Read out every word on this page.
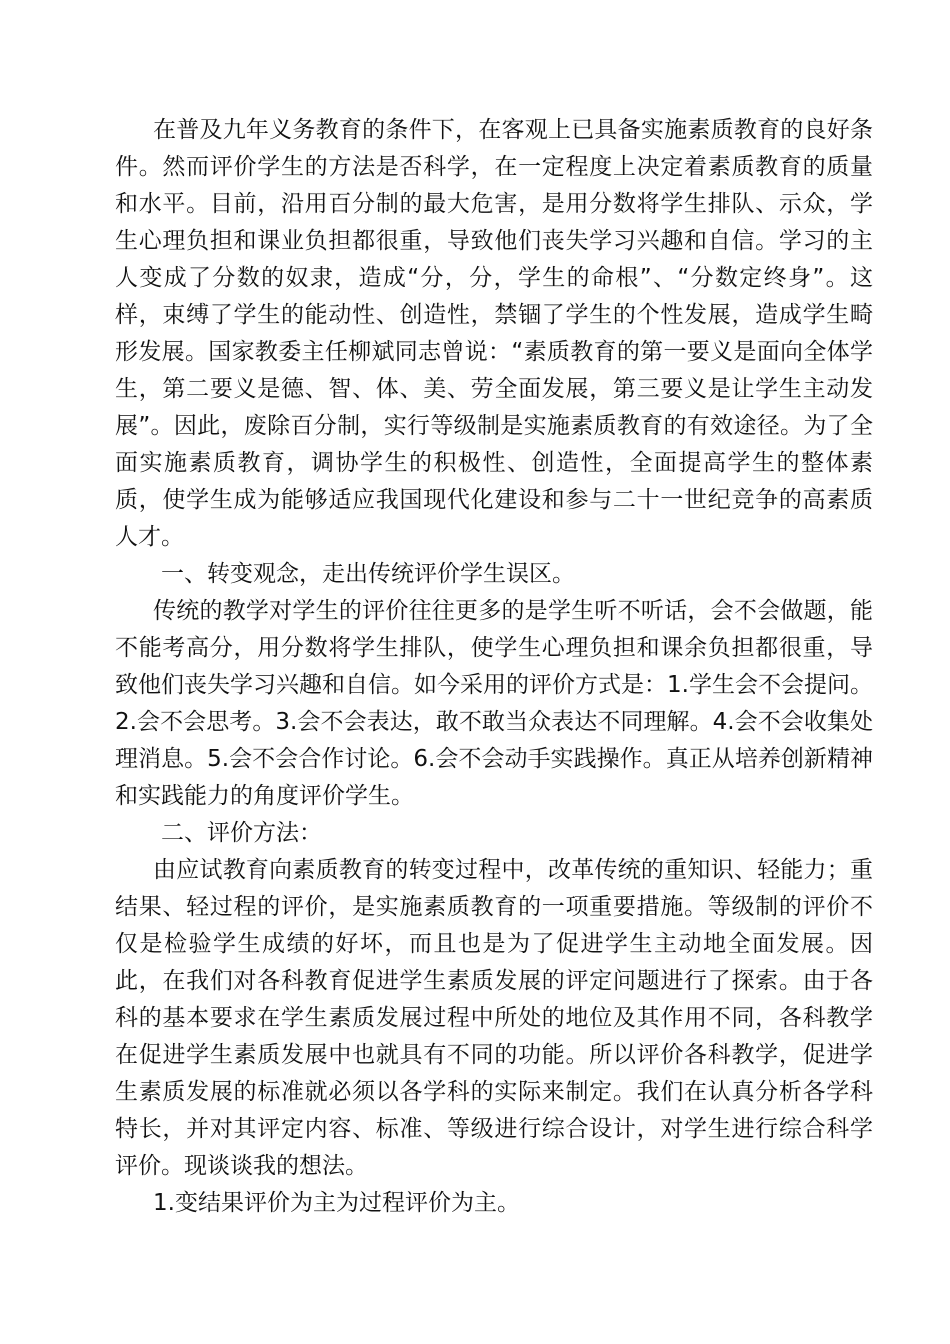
在普及九年义务教育的条件下，在客观上已具备实施素质教育的良好条件。然而评价学生的方法是否科学，在一定程度上决定着素质教育的质量和水平。目前，沿用百分制的最大危害，是用分数将学生排队、示众，学生心理负担和课业负担都很重，导致他们丧失学习兴趣和自信。学习的主人变成了分数的奴隶，造成“分，分，学生的命根”、“分数定终身”。这样，束缚了学生的能动性、创造性，禁锢了学生的个性发展，造成学生畸形发展。国家教委主任柳斌同志曾说：“素质教育的第一要义是面向全体学生，第二要义是德、智、体、美、劳全面发展，第三要义是让学生主动发展”。因此，废除百分制，实行等级制是实施素质教育的有效途径。为了全面实施素质教育，调协学生的积极性、创造性，全面提高学生的整体素质，使学生成为能够适应我国现代化建设和参与二十一世纪竞争的高素质人才。

一、转变观念，走出传统评价学生误区。

传统的教学对学生的评价往往更多的是学生听不听话，会不会做题，能不能考高分，用分数将学生排队，使学生心理负担和课余负担都很重，导致他们丧失学习兴趣和自信。如今采用的评价方式是：1.学生会不会提问。2.会不会思考。3.会不会表达，敢不敢当众表达不同理解。4.会不会收集处理消息。5.会不会合作讨论。6.会不会动手实践操作。真正从培养创新精神和实践能力的角度评价学生。

二、评价方法：

由应试教育向素质教育的转变过程中，改革传统的重知识、轻能力；重结果、轻过程的评价，是实施素质教育的一项重要措施。等级制的评价不仅是检验学生成绩的好坏，而且也是为了促进学生主动地全面发展。因此，在我们对各科教育促进学生素质发展的评定问题进行了探索。由于各科的基本要求在学生素质发展过程中所处的地位及其作用不同，各科教学在促进学生素质发展中也就具有不同的功能。所以评价各科教学，促进学生素质发展的标准就必须以各学科的实际来制定。我们在认真分析各学科特长，并对其评定内容、标准、等级进行综合设计，对学生进行综合科学评价。现谈谈我的想法。

1.变结果评价为主为过程评价为主。
